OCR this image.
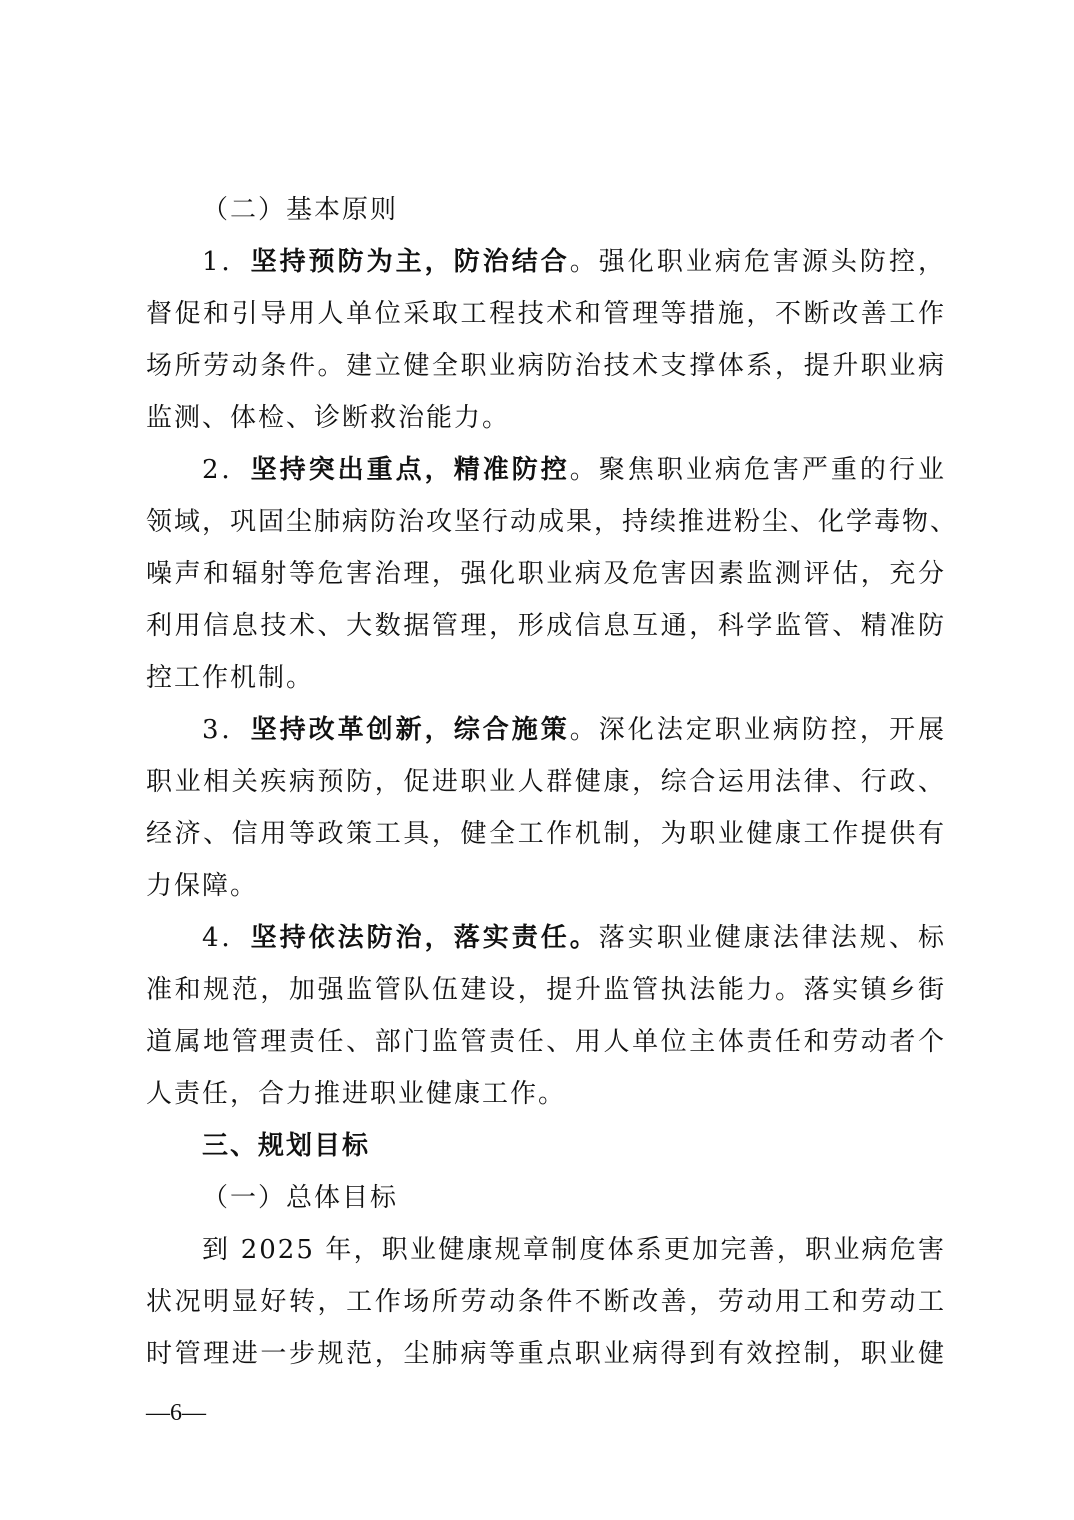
（二）基本原则
1．坚持预防为主，防治结合。强化职业病危害源头防控，
督促和引导用人单位采取工程技术和管理等措施，不断改善工作
场所劳动条件。建立健全职业病防治技术支撑体系，提升职业病
监测、体检、诊断救治能力。
2．坚持突出重点，精准防控。聚焦职业病危害严重的行业
领域，巩固尘肺病防治攻坚行动成果，持续推进粉尘、化学毒物、
噪声和辐射等危害治理，强化职业病及危害因素监测评估，充分
利用信息技术、大数据管理，形成信息互通，科学监管、精准防
控工作机制。
3．坚持改革创新，综合施策。深化法定职业病防控，开展
职业相关疾病预防，促进职业人群健康，综合运用法律、行政、
经济、信用等政策工具，健全工作机制，为职业健康工作提供有
力保障。
4．坚持依法防治，落实责任。落实职业健康法律法规、标
准和规范，加强监管队伍建设，提升监管执法能力。落实镇乡街
道属地管理责任、部门监管责任、用人单位主体责任和劳动者个
人责任，合力推进职业健康工作。
三、规划目标
（一）总体目标
到 2025 年，职业健康规章制度体系更加完善，职业病危害
状况明显好转，工作场所劳动条件不断改善，劳动用工和劳动工
时管理进一步规范，尘肺病等重点职业病得到有效控制，职业健
—6—
